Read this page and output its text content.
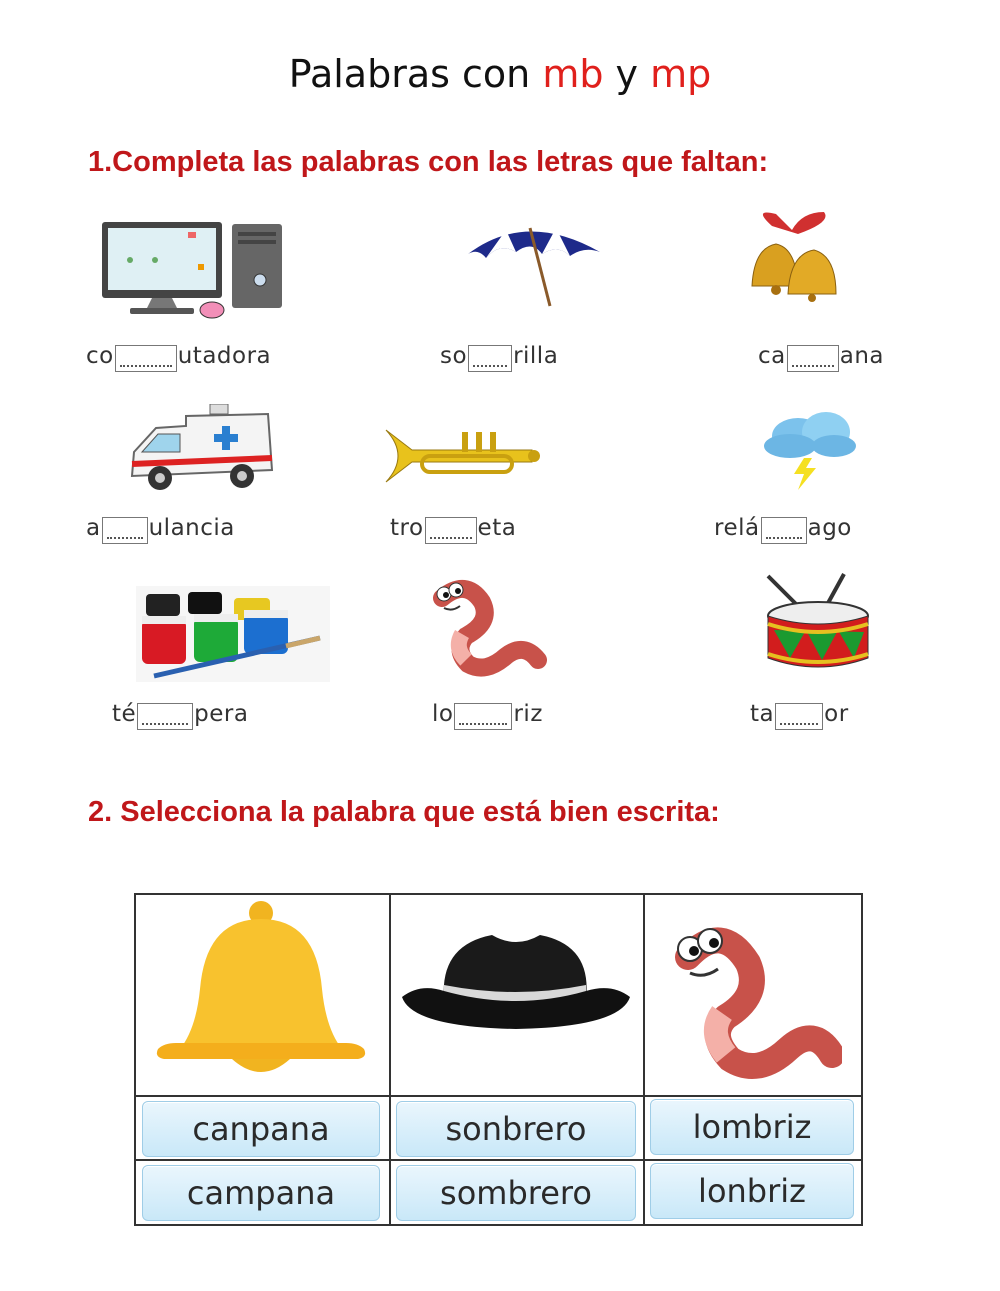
Palabras con mb y mp
1.Completa las palabras con las letras que faltan:
co	utadora	so rilla	ca ana
a ulancia	tro eta	relá ago
té	pera	lo	riz	ta or
2. Selecciona la palabra que está bien escrita:
canpana	sonbrero	lombriz
campana	sombrero	lonbriz
